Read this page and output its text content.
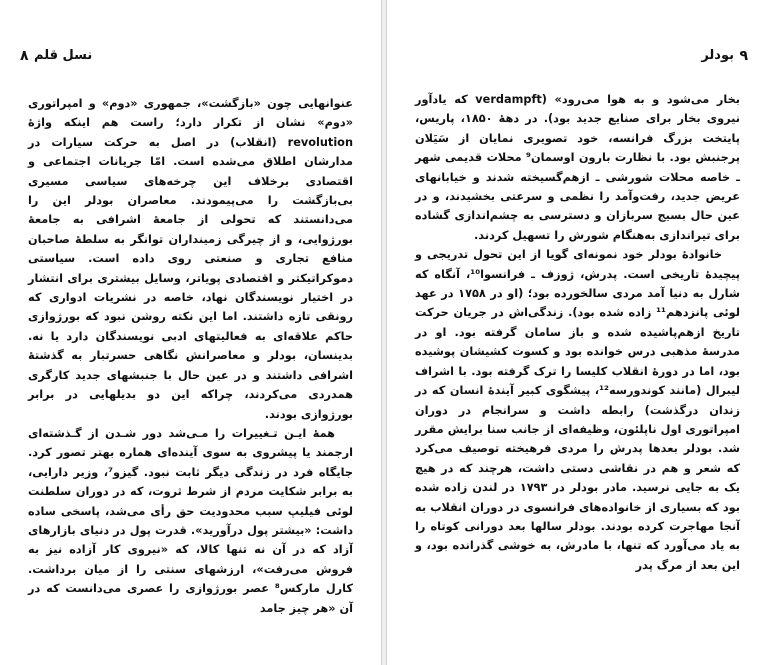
۸ نسل قلم

عنوانهایی چون «بازگشت»، جمهوری «دوم» و امپراتوری «دوم» نشان از تکرار دارد؛ راست هم اینکه واژهٔ revolution (انقلاب) در اصل به حرکت سیارات در مدارشان اطلاق می‌شده است. امّا جریانات اجتماعی و اقتصادی برخلاف این چرخه‌های سیاسی مسیری بی‌بازگشت را می‌پیمودند. معاصران بودلر این را می‌دانستند که تحولی از جامعهٔ اشرافی به جامعهٔ بورژوایی، و از چیرگی زمینداران توانگر به سلطهٔ صاحبان منافع تجاری و صنعتی روی داده است. سیاستی دموکراتیکتر و اقتصادی پویاتر، وسایل بیشتری برای انتشار در اختیار نویسندگان نهاد، خاصه در نشریات ادواری که رونقی تازه داشتند. اما این نکته روشن نبود که بورژوازی حاکم علاقه‌ای به فعالیتهای ادبی نویسندگان دارد یا نه. بدینسان، بودلر و معاصرانش نگاهی حسرتبار به گذشتهٔ اشرافی داشتند و در عین حال با جنبشهای جدید کارگری همدردی می‌کردند، چراکه این دو بدیلهایی در برابر بورژوازی بودند.

همهٔ ایـن تـغییرات را مـی‌شد دور شـدن از گـذشته‌ای ارجمند یا پیشروی به سوی آینده‌ای هماره بهتر تصور کرد. جایگاه فرد در زندگی دیگر ثابت نبود. گیزو⁷، وزیر دارایی، به برابر شکایت مردم از شرط ثروت، که در دوران سلطنت لوئی فیلیپ سبب محدودیت حق رأی می‌شد، پاسخی ساده داشت: «بیشتر پول درآورید». قدرت پول در دنیای بازارهای آزاد که در آن نه تنها کالا، که «نیروی کار آزاده نیز به فروش می‌رفت»، ارزشهای سنتی را از میان برداشت. کارل مارکس⁸ عصر بورژوازی را عصری می‌دانست که در آن «هر چیز جامد

بودلر ۹

بخار می‌شود و به هوا می‌رود» (verdampft که یادآور نیروی بخار برای صنایع جدید بود). در دههٔ ۱۸۵۰، پاریس، پایتخت بزرگ فرانسه، خود تصویری نمایان از سَیَلان پرجنبش بود. با نظارت بارون اوسمان⁹ محلات قدیمی شهر ـ خاصه محلات شورشی ـ ازهم‌گسیخته شدند و خیابانهای عریض جدید، رفت‌وآمد را نظمی و سرعتی بخشیدند، و در عین حال بسیج سربازان و دسترسی به چشم‌اندازی گشاده برای تیراندازی به‌هنگام شورش را تسهیل کردند.

خانوادهٔ بودلر خود نمونه‌ای گویا از این تحول تدریجی و پیچیدهٔ تاریخی است. پدرش، ژوزف ـ فرانسوا¹⁰، آنگاه که شارل به دنیا آمد مردی سالخورده بود؛ (او در ۱۷۵۸ در عهد لوئی پانزدهم¹¹ زاده شده بود). زندگی‌اش در جریان حرکت تاریخ ازهم‌پاشیده شده و باز سامان گرفته بود. او در مدرسهٔ مذهبی درس خوانده بود و کسوت کشیشان پوشیده بود، اما در دورهٔ انقلاب کلیسا را ترک گرفته بود. با اشراف لیبرال (مانند کوندورسه¹²، پیشگوی کبیر آیندهٔ انسان که در زندان درگذشت) رابطه داشت و سرانجام در دوران امپراتوری اول ناپلئون، وظیفه‌ای از جانب سنا برایش مقرر شد. بودلر بعدها پدرش را مردی فرهیخته توصیف می‌کرد که شعر و هم در نقاشی دستی داشت، هرچند که در هیچ یک به جایی نرسید. مادر بودلر در ۱۷۹۳ در لندن زاده شده بود که بسیاری از خانواده‌های فرانسوی در دوران انقلاب به آنجا مهاجرت کرده بودند. بودلر سالها بعد دورانی کوتاه را به یاد می‌آورد که تنها، با مادرش، به خوشی گذرانده بود، و این بعد از مرگ پدر
